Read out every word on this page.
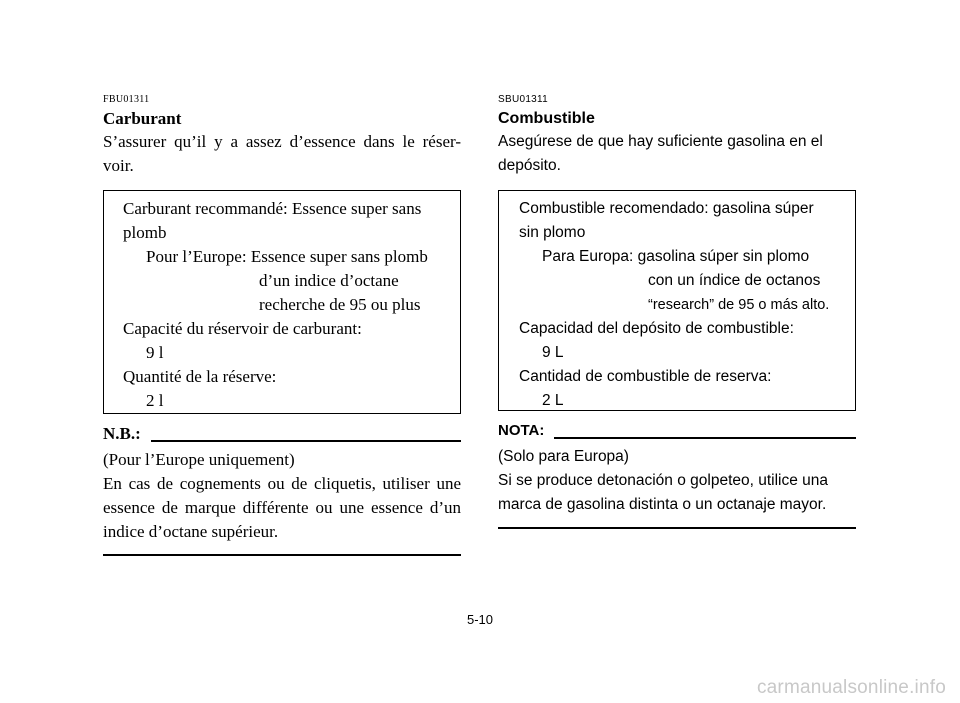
FBU01311
Carburant

S’assurer qu’il y a assez d’essence dans le réser-voir.

Carburant recommandé: Essence super sans
plomb
Pour l’Europe: Essence super sans plomb
d’un indice d’octane
recherche de 95 ou plus
Capacité du réservoir de carburant:
9 l
Quantité de la réserve:
2 l
N.B.:

(Pour l’Europe uniquement)

En cas de cognements ou de cliquetis, utiliser une essence de marque différente ou une essence d’un indice d’octane supérieur.

SBU01311
Combustible

Asegúrese de que hay suficiente gasolina en el depósito.

Combustible recomendado: gasolina súper
sin plomo
Para Europa: gasolina súper sin plomo
con un índice de octanos
“research” de 95 o más alto.
Capacidad del depósito de combustible:
9 L
Cantidad de combustible de reserva:
2 L
NOTA:

(Solo para Europa)

Si se produce detonación o golpeteo, utilice una marca de gasolina distinta o un octanaje mayor.

5-10
carmanualsonline.info
